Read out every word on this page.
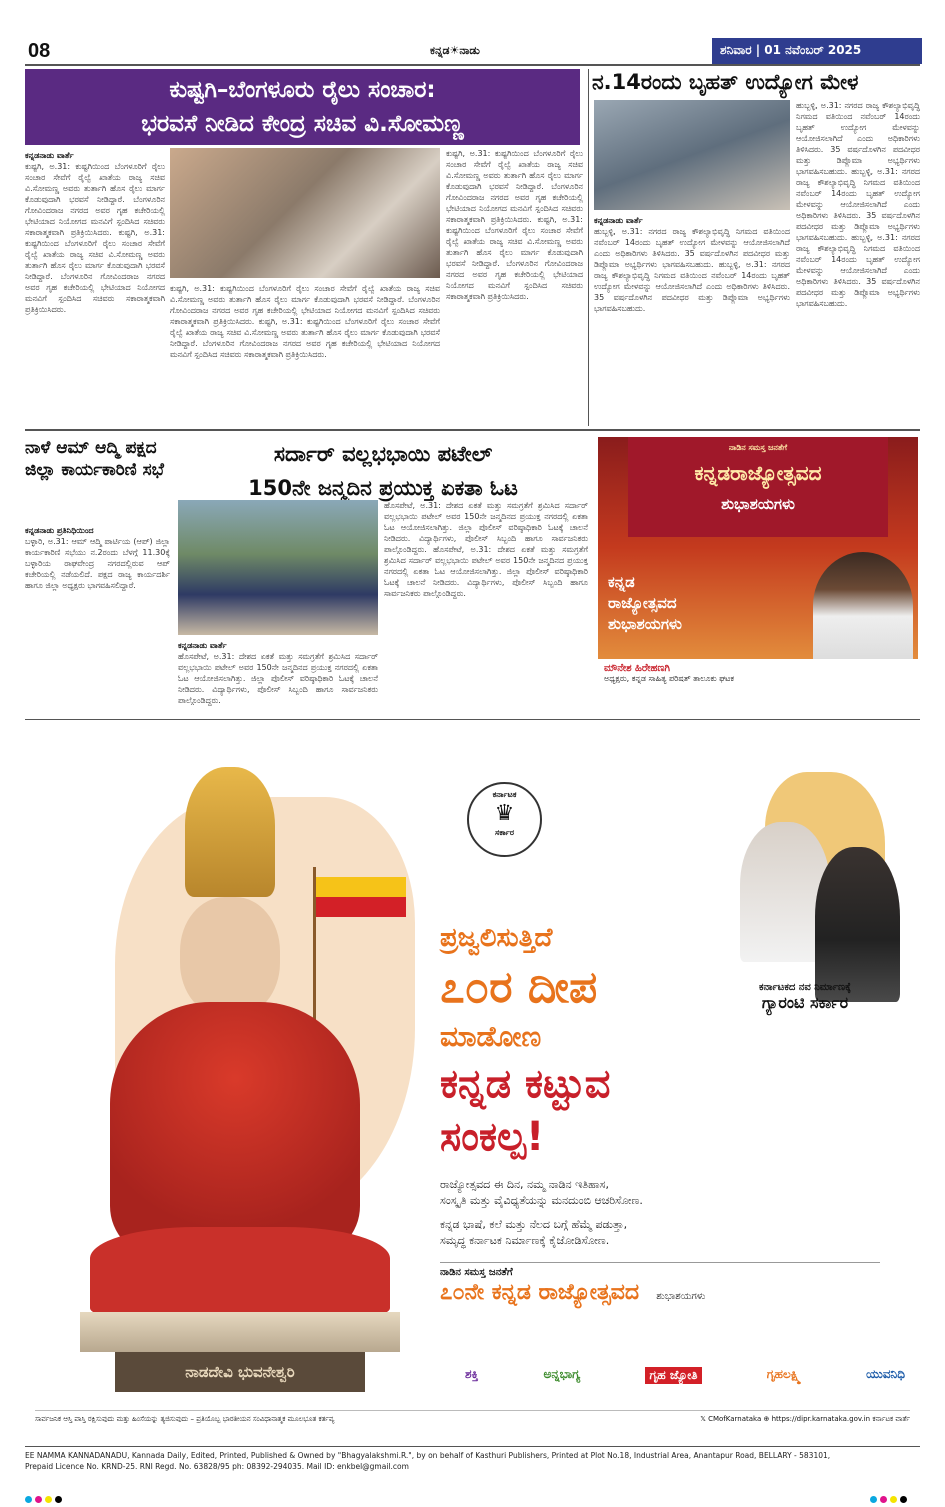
08	ಕನ್ನಡ☀ನಾಡು	ಶನಿವಾರ | 01 ನವೆಂಬರ್ 2025
ಕುಷ್ಟಗಿ–ಬೆಂಗಳೂರು ರೈಲು ಸಂಚಾರ:
ಭರವಸೆ ನೀಡಿದ ಕೇಂದ್ರ ಸಚಿವ ವಿ.ಸೋಮಣ್ಣ
ನ.14ರಂದು ಬೃಹತ್ ಉದ್ಯೋಗ ಮೇಳ
ಕನ್ನಡನಾಡು ವಾರ್ತೆ
ಕುಷ್ಟಗಿ, ಅ.31: ಕುಷ್ಟಗಿಯಿಂದ ಬೆಂಗಳೂರಿಗೆ ರೈಲು ಸಂಚಾರ ಸೇವೆಗೆ ರೈಲ್ವೆ ಖಾತೆಯ ರಾಜ್ಯ ಸಚಿವ ವಿ.ಸೋಮಣ್ಣ ಅವರು ತುರ್ತಾಗಿ ಹೊಸ ರೈಲು ಮಾರ್ಗ ಕೊಡುವುದಾಗಿ ಭರವಸೆ ನೀಡಿದ್ದಾರೆ. ಬೆಂಗಳೂರಿನ ಗೋವಿಂದರಾಜ ನಗರದ ಅವರ ಗೃಹ ಕಚೇರಿಯಲ್ಲಿ ಭೇಟಿಯಾದ ನಿಯೋಗದ ಮನವಿಗೆ ಸ್ಪಂದಿಸಿದ ಸಚಿವರು ಸಕಾರಾತ್ಮಕವಾಗಿ ಪ್ರತಿಕ್ರಿಯಿಸಿದರು. ಕುಷ್ಟಗಿ, ಅ.31: ಕುಷ್ಟಗಿಯಿಂದ ಬೆಂಗಳೂರಿಗೆ ರೈಲು ಸಂಚಾರ ಸೇವೆಗೆ ರೈಲ್ವೆ ಖಾತೆಯ ರಾಜ್ಯ ಸಚಿವ ವಿ.ಸೋಮಣ್ಣ ಅವರು ತುರ್ತಾಗಿ ಹೊಸ ರೈಲು ಮಾರ್ಗ ಕೊಡುವುದಾಗಿ ಭರವಸೆ ನೀಡಿದ್ದಾರೆ. ಬೆಂಗಳೂರಿನ ಗೋವಿಂದರಾಜ ನಗರದ ಅವರ ಗೃಹ ಕಚೇರಿಯಲ್ಲಿ ಭೇಟಿಯಾದ ನಿಯೋಗದ ಮನವಿಗೆ ಸ್ಪಂದಿಸಿದ ಸಚಿವರು ಸಕಾರಾತ್ಮಕವಾಗಿ ಪ್ರತಿಕ್ರಿಯಿಸಿದರು.
ಕುಷ್ಟಗಿ, ಅ.31: ಕುಷ್ಟಗಿಯಿಂದ ಬೆಂಗಳೂರಿಗೆ ರೈಲು ಸಂಚಾರ ಸೇವೆಗೆ ರೈಲ್ವೆ ಖಾತೆಯ ರಾಜ್ಯ ಸಚಿವ ವಿ.ಸೋಮಣ್ಣ ಅವರು ತುರ್ತಾಗಿ ಹೊಸ ರೈಲು ಮಾರ್ಗ ಕೊಡುವುದಾಗಿ ಭರವಸೆ ನೀಡಿದ್ದಾರೆ. ಬೆಂಗಳೂರಿನ ಗೋವಿಂದರಾಜ ನಗರದ ಅವರ ಗೃಹ ಕಚೇರಿಯಲ್ಲಿ ಭೇಟಿಯಾದ ನಿಯೋಗದ ಮನವಿಗೆ ಸ್ಪಂದಿಸಿದ ಸಚಿವರು ಸಕಾರಾತ್ಮಕವಾಗಿ ಪ್ರತಿಕ್ರಿಯಿಸಿದರು. ಕುಷ್ಟಗಿ, ಅ.31: ಕುಷ್ಟಗಿಯಿಂದ ಬೆಂಗಳೂರಿಗೆ ರೈಲು ಸಂಚಾರ ಸೇವೆಗೆ ರೈಲ್ವೆ ಖಾತೆಯ ರಾಜ್ಯ ಸಚಿವ ವಿ.ಸೋಮಣ್ಣ ಅವರು ತುರ್ತಾಗಿ ಹೊಸ ರೈಲು ಮಾರ್ಗ ಕೊಡುವುದಾಗಿ ಭರವಸೆ ನೀಡಿದ್ದಾರೆ. ಬೆಂಗಳೂರಿನ ಗೋವಿಂದರಾಜ ನಗರದ ಅವರ ಗೃಹ ಕಚೇರಿಯಲ್ಲಿ ಭೇಟಿಯಾದ ನಿಯೋಗದ ಮನವಿಗೆ ಸ್ಪಂದಿಸಿದ ಸಚಿವರು ಸಕಾರಾತ್ಮಕವಾಗಿ ಪ್ರತಿಕ್ರಿಯಿಸಿದರು.
ಕುಷ್ಟಗಿ, ಅ.31: ಕುಷ್ಟಗಿಯಿಂದ ಬೆಂಗಳೂರಿಗೆ ರೈಲು ಸಂಚಾರ ಸೇವೆಗೆ ರೈಲ್ವೆ ಖಾತೆಯ ರಾಜ್ಯ ಸಚಿವ ವಿ.ಸೋಮಣ್ಣ ಅವರು ತುರ್ತಾಗಿ ಹೊಸ ರೈಲು ಮಾರ್ಗ ಕೊಡುವುದಾಗಿ ಭರವಸೆ ನೀಡಿದ್ದಾರೆ. ಬೆಂಗಳೂರಿನ ಗೋವಿಂದರಾಜ ನಗರದ ಅವರ ಗೃಹ ಕಚೇರಿಯಲ್ಲಿ ಭೇಟಿಯಾದ ನಿಯೋಗದ ಮನವಿಗೆ ಸ್ಪಂದಿಸಿದ ಸಚಿವರು ಸಕಾರಾತ್ಮಕವಾಗಿ ಪ್ರತಿಕ್ರಿಯಿಸಿದರು. ಕುಷ್ಟಗಿ, ಅ.31: ಕುಷ್ಟಗಿಯಿಂದ ಬೆಂಗಳೂರಿಗೆ ರೈಲು ಸಂಚಾರ ಸೇವೆಗೆ ರೈಲ್ವೆ ಖಾತೆಯ ರಾಜ್ಯ ಸಚಿವ ವಿ.ಸೋಮಣ್ಣ ಅವರು ತುರ್ತಾಗಿ ಹೊಸ ರೈಲು ಮಾರ್ಗ ಕೊಡುವುದಾಗಿ ಭರವಸೆ ನೀಡಿದ್ದಾರೆ. ಬೆಂಗಳೂರಿನ ಗೋವಿಂದರಾಜ ನಗರದ ಅವರ ಗೃಹ ಕಚೇರಿಯಲ್ಲಿ ಭೇಟಿಯಾದ ನಿಯೋಗದ ಮನವಿಗೆ ಸ್ಪಂದಿಸಿದ ಸಚಿವರು ಸಕಾರಾತ್ಮಕವಾಗಿ ಪ್ರತಿಕ್ರಿಯಿಸಿದರು.
ಕನ್ನಡನಾಡು ವಾರ್ತೆ
ಹುಬ್ಬಳ್ಳಿ, ಅ.31: ನಗರದ ರಾಜ್ಯ ಕೌಶಲ್ಯಾಭಿವೃದ್ಧಿ ನಿಗಮದ ವತಿಯಿಂದ ನವೆಂಬರ್ 14ರಂದು ಬೃಹತ್ ಉದ್ಯೋಗ ಮೇಳವನ್ನು ಆಯೋಜಿಸಲಾಗಿದೆ ಎಂದು ಅಧಿಕಾರಿಗಳು ತಿಳಿಸಿದರು. 35 ವರ್ಷದೊಳಗಿನ ಪದವೀಧರ ಮತ್ತು ಡಿಪ್ಲೊಮಾ ಅಭ್ಯರ್ಥಿಗಳು ಭಾಗವಹಿಸಬಹುದು. ಹುಬ್ಬಳ್ಳಿ, ಅ.31: ನಗರದ ರಾಜ್ಯ ಕೌಶಲ್ಯಾಭಿವೃದ್ಧಿ ನಿಗಮದ ವತಿಯಿಂದ ನವೆಂಬರ್ 14ರಂದು ಬೃಹತ್ ಉದ್ಯೋಗ ಮೇಳವನ್ನು ಆಯೋಜಿಸಲಾಗಿದೆ ಎಂದು ಅಧಿಕಾರಿಗಳು ತಿಳಿಸಿದರು. 35 ವರ್ಷದೊಳಗಿನ ಪದವೀಧರ ಮತ್ತು ಡಿಪ್ಲೊಮಾ ಅಭ್ಯರ್ಥಿಗಳು ಭಾಗವಹಿಸಬಹುದು.
ಹುಬ್ಬಳ್ಳಿ, ಅ.31: ನಗರದ ರಾಜ್ಯ ಕೌಶಲ್ಯಾಭಿವೃದ್ಧಿ ನಿಗಮದ ವತಿಯಿಂದ ನವೆಂಬರ್ 14ರಂದು ಬೃಹತ್ ಉದ್ಯೋಗ ಮೇಳವನ್ನು ಆಯೋಜಿಸಲಾಗಿದೆ ಎಂದು ಅಧಿಕಾರಿಗಳು ತಿಳಿಸಿದರು. 35 ವರ್ಷದೊಳಗಿನ ಪದವೀಧರ ಮತ್ತು ಡಿಪ್ಲೊಮಾ ಅಭ್ಯರ್ಥಿಗಳು ಭಾಗವಹಿಸಬಹುದು. ಹುಬ್ಬಳ್ಳಿ, ಅ.31: ನಗರದ ರಾಜ್ಯ ಕೌಶಲ್ಯಾಭಿವೃದ್ಧಿ ನಿಗಮದ ವತಿಯಿಂದ ನವೆಂಬರ್ 14ರಂದು ಬೃಹತ್ ಉದ್ಯೋಗ ಮೇಳವನ್ನು ಆಯೋಜಿಸಲಾಗಿದೆ ಎಂದು ಅಧಿಕಾರಿಗಳು ತಿಳಿಸಿದರು. 35 ವರ್ಷದೊಳಗಿನ ಪದವೀಧರ ಮತ್ತು ಡಿಪ್ಲೊಮಾ ಅಭ್ಯರ್ಥಿಗಳು ಭಾಗವಹಿಸಬಹುದು. ಹುಬ್ಬಳ್ಳಿ, ಅ.31: ನಗರದ ರಾಜ್ಯ ಕೌಶಲ್ಯಾಭಿವೃದ್ಧಿ ನಿಗಮದ ವತಿಯಿಂದ ನವೆಂಬರ್ 14ರಂದು ಬೃಹತ್ ಉದ್ಯೋಗ ಮೇಳವನ್ನು ಆಯೋಜಿಸಲಾಗಿದೆ ಎಂದು ಅಧಿಕಾರಿಗಳು ತಿಳಿಸಿದರು. 35 ವರ್ಷದೊಳಗಿನ ಪದವೀಧರ ಮತ್ತು ಡಿಪ್ಲೊಮಾ ಅಭ್ಯರ್ಥಿಗಳು ಭಾಗವಹಿಸಬಹುದು.
ನಾಳೆ ಆಮ್ ಆದ್ಮಿ ಪಕ್ಷದ ಜಿಲ್ಲಾ ಕಾರ್ಯಕಾರಿಣಿ ಸಭೆ
ಕನ್ನಡನಾಡು ಪ್ರತಿನಿಧಿಯಿಂದ
ಬಳ್ಳಾರಿ, ಅ.31: ಆಮ್ ಆದ್ಮಿ ಪಾರ್ಟಿಯ (ಆಪ್) ಜಿಲ್ಲಾ ಕಾರ್ಯಕಾರಿಣಿ ಸಭೆಯು ನ.2ರಂದು ಬೆಳಗ್ಗೆ 11.30ಕ್ಕೆ ಬಳ್ಳಾರಿಯ ರಾಘವೇಂದ್ರ ನಗರದಲ್ಲಿರುವ ಆಪ್ ಕಚೇರಿಯಲ್ಲಿ ನಡೆಯಲಿದೆ. ಪಕ್ಷದ ರಾಜ್ಯ ಕಾರ್ಯದರ್ಶಿ ಹಾಗೂ ಜಿಲ್ಲಾ ಅಧ್ಯಕ್ಷರು ಭಾಗವಹಿಸಲಿದ್ದಾರೆ.
ಸರ್ದಾರ್ ವಲ್ಲಭಭಾಯಿ ಪಟೇಲ್
150ನೇ ಜನ್ಮದಿನ ಪ್ರಯುಕ್ತ ಏಕತಾ ಓಟ
ಹೊಸಪೇಟೆ, ಅ.31: ದೇಶದ ಏಕತೆ ಮತ್ತು ಸಮಗ್ರತೆಗೆ ಶ್ರಮಿಸಿದ ಸರ್ದಾರ್ ವಲ್ಲಭಭಾಯಿ ಪಟೇಲ್ ಅವರ 150ನೇ ಜನ್ಮದಿನದ ಪ್ರಯುಕ್ತ ನಗರದಲ್ಲಿ ಏಕತಾ ಓಟ ಆಯೋಜಿಸಲಾಗಿತ್ತು. ಜಿಲ್ಲಾ ಪೊಲೀಸ್ ವರಿಷ್ಠಾಧಿಕಾರಿ ಓಟಕ್ಕೆ ಚಾಲನೆ ನೀಡಿದರು. ವಿದ್ಯಾರ್ಥಿಗಳು, ಪೊಲೀಸ್ ಸಿಬ್ಬಂದಿ ಹಾಗೂ ಸಾರ್ವಜನಿಕರು ಪಾಲ್ಗೊಂಡಿದ್ದರು. ಹೊಸಪೇಟೆ, ಅ.31: ದೇಶದ ಏಕತೆ ಮತ್ತು ಸಮಗ್ರತೆಗೆ ಶ್ರಮಿಸಿದ ಸರ್ದಾರ್ ವಲ್ಲಭಭಾಯಿ ಪಟೇಲ್ ಅವರ 150ನೇ ಜನ್ಮದಿನದ ಪ್ರಯುಕ್ತ ನಗರದಲ್ಲಿ ಏಕತಾ ಓಟ ಆಯೋಜಿಸಲಾಗಿತ್ತು. ಜಿಲ್ಲಾ ಪೊಲೀಸ್ ವರಿಷ್ಠಾಧಿಕಾರಿ ಓಟಕ್ಕೆ ಚಾಲನೆ ನೀಡಿದರು. ವಿದ್ಯಾರ್ಥಿಗಳು, ಪೊಲೀಸ್ ಸಿಬ್ಬಂದಿ ಹಾಗೂ ಸಾರ್ವಜನಿಕರು ಪಾಲ್ಗೊಂಡಿದ್ದರು.
ಕನ್ನಡನಾಡು ವಾರ್ತೆ
ಹೊಸಪೇಟೆ, ಅ.31: ದೇಶದ ಏಕತೆ ಮತ್ತು ಸಮಗ್ರತೆಗೆ ಶ್ರಮಿಸಿದ ಸರ್ದಾರ್ ವಲ್ಲಭಭಾಯಿ ಪಟೇಲ್ ಅವರ 150ನೇ ಜನ್ಮದಿನದ ಪ್ರಯುಕ್ತ ನಗರದಲ್ಲಿ ಏಕತಾ ಓಟ ಆಯೋಜಿಸಲಾಗಿತ್ತು. ಜಿಲ್ಲಾ ಪೊಲೀಸ್ ವರಿಷ್ಠಾಧಿಕಾರಿ ಓಟಕ್ಕೆ ಚಾಲನೆ ನೀಡಿದರು. ವಿದ್ಯಾರ್ಥಿಗಳು, ಪೊಲೀಸ್ ಸಿಬ್ಬಂದಿ ಹಾಗೂ ಸಾರ್ವಜನಿಕರು ಪಾಲ್ಗೊಂಡಿದ್ದರು.
ನಾಡಿನ ಸಮಸ್ತ ಜನತೆಗೆ
ಕನ್ನಡರಾಜ್ಯೋತ್ಸವದ
ಶುಭಾಶಯಗಳು
ಕನ್ನಡ
ರಾಜ್ಯೋತ್ಸವದ
ಶುಭಾಶಯಗಳು
ಮೌನೇಶ ಹಿರೇಹಣಗಿ
ಅಧ್ಯಕ್ಷರು, ಕನ್ನಡ ಸಾಹಿತ್ಯ ಪರಿಷತ್ ತಾಲೂಕು ಘಟಕ
ನಾಡದೇವಿ ಭುವನೇಶ್ವರಿ
ಕರ್ನಾಟಕ
♛
ಸರ್ಕಾರ
ಕರ್ನಾಟಕದ ನವ ನಿರ್ಮಾಣಕ್ಕೆ
ಗ್ಯಾರಂಟಿ ಸರ್ಕಾರ
ಪ್ರಜ್ವಲಿಸುತ್ತಿದೆ
೭೦ರ ದೀಪ
ಮಾಡೋಣ
ಕನ್ನಡ ಕಟ್ಟುವ
ಸಂಕಲ್ಪ!
ರಾಜ್ಯೋತ್ಸವದ ಈ ದಿನ, ನಮ್ಮ ನಾಡಿನ ಇತಿಹಾಸ,
ಸಂಸ್ಕೃತಿ ಮತ್ತು ವೈವಿಧ್ಯತೆಯನ್ನು ಮನದುಂಬಿ ಆಚರಿಸೋಣ.
ಕನ್ನಡ ಭಾಷೆ, ಕಲೆ ಮತ್ತು ನೆಲದ ಬಗ್ಗೆ ಹೆಮ್ಮೆ ಪಡುತ್ತಾ,
ಸಮೃದ್ಧ ಕರ್ನಾಟಕ ನಿರ್ಮಾಣಕ್ಕೆ ಕೈಜೋಡಿಸೋಣ.
ನಾಡಿನ ಸಮಸ್ತ ಜನತೆಗೆ
೭೦ನೇ ಕನ್ನಡ ರಾಜ್ಯೋತ್ಸವದ ಶುಭಾಶಯಗಳು
ಶಕ್ತಿ	ಅನ್ನಭಾಗ್ಯ	ಗೃಹ ಜ್ಯೋತಿ	ಗೃಹಲಕ್ಷ್ಮಿ	ಯುವನಿಧಿ
ಸಾರ್ವಜನಿಕ ಆಸ್ತಿ ಪಾಸ್ತಿ ರಕ್ಷಿಸುವುದು ಮತ್ತು ಹಿಂಸೆಯನ್ನು ತ್ಯಜಿಸುವುದು – ಪ್ರತಿಯೊಬ್ಬ ಭಾರತೀಯನ ಸಂವಿಧಾನಾತ್ಮಕ ಮೂಲಭೂತ ಕರ್ತವ್ಯ	𝕏 CMofKarnataka ⊕ https://dipr.karnataka.gov.in ಕರ್ನಾಟಕ ವಾರ್ತೆ
EE NAMMA KANNADANADU, Kannada Daily, Edited, Printed, Published & Owned by "Bhagyalakshmi.R.", by on behalf of Kasthuri Publishers, Printed at Plot No.18, Industrial Area, Anantapur Road, BELLARY - 583101,
Prepaid Licence No. KRND-25. RNI Regd. No. 63828/95 ph: 08392-294035. Mail ID: enkbel@gmail.com
